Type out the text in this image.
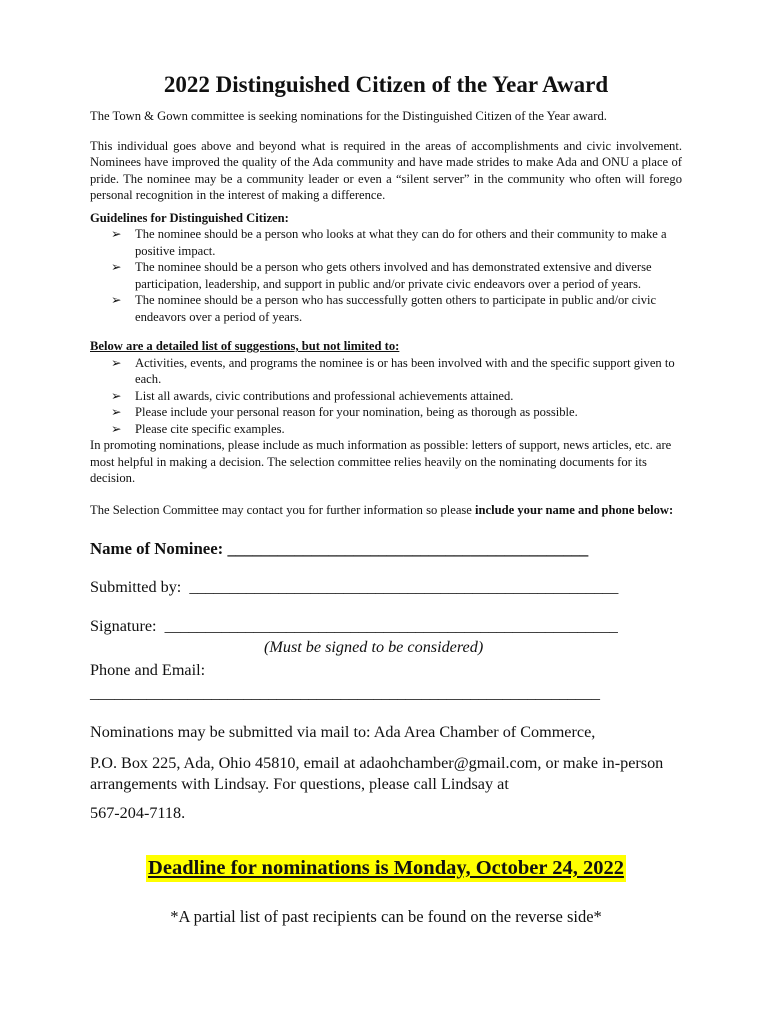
2022 Distinguished Citizen of the Year Award

The Town & Gown committee is seeking nominations for the Distinguished Citizen of the Year award.

This individual goes above and beyond what is required in the areas of accomplishments and civic involvement. Nominees have improved the quality of the Ada community and have made strides to make Ada and ONU a place of pride. The nominee may be a community leader or even a “silent server” in the community who often will forego personal recognition in the interest of making a difference.

Guidelines for Distinguished Citizen:
➢ The nominee should be a person who looks at what they can do for others and their community to make a positive impact.
➢ The nominee should be a person who gets others involved and has demonstrated extensive and diverse participation, leadership, and support in public and/or private civic endeavors over a period of years.
➢ The nominee should be a person who has successfully gotten others to participate in public and/or civic endeavors over a period of years.
Below are a detailed list of suggestions, but not limited to:
➢ Activities, events, and programs the nominee is or has been involved with and the specific support given to each.
➢ List all awards, civic contributions and professional achievements attained.
➢ Please include your personal reason for your nomination, being as thorough as possible.
➢ Please cite specific examples.

In promoting nominations, please include as much information as possible: letters of support, news articles, etc. are most helpful in making a decision. The selection committee relies heavily on the nominating documents for its decision.

The Selection Committee may contact you for further information so please include your name and phone below:

Name of Nominee: ___________________________________________
Submitted by: _____________________________________________________
Signature: ________________________________________________________
(Must be signed to be considered)
Phone and Email:
_______________________________________________________________

Nominations may be submitted via mail to: Ada Area Chamber of Commerce,

P.O. Box 225, Ada, Ohio 45810, email at adaohchamber@gmail.com, or make in-person arrangements with Lindsay. For questions, please call Lindsay at

567-204-7118.

Deadline for nominations is Monday, October 24, 2022
*A partial list of past recipients can be found on the reverse side*
